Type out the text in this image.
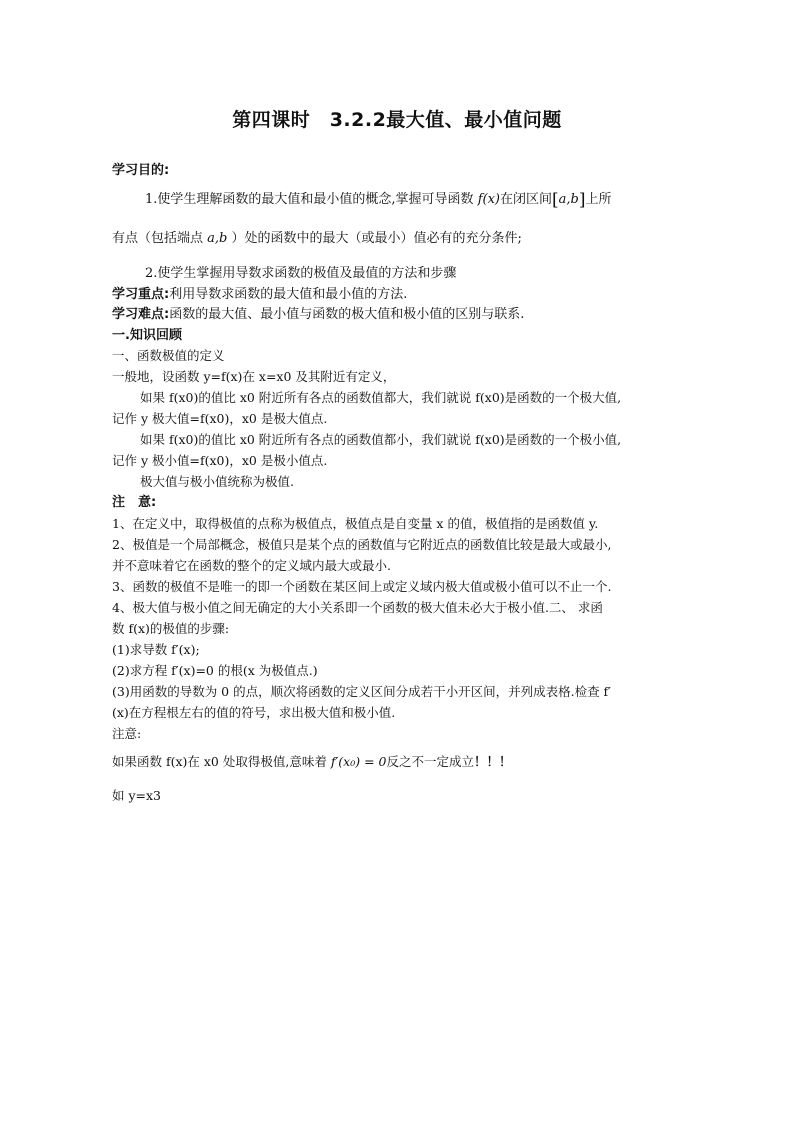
第四课时　3.2.2最大值、最小值问题
学习目的:
1.使学生理解函数的最大值和最小值的概念,掌握可导函数 f(x)在闭区间[a,b]上所
有点（包括端点 a,b ）处的函数中的最大（或最小）值必有的充分条件;
2.使学生掌握用导数求函数的极值及最值的方法和步骤
学习重点:利用导数求函数的最大值和最小值的方法.
学习难点:函数的最大值、最小值与函数的极大值和极小值的区别与联系.
一.知识回顾
一、函数极值的定义
一般地，设函数 y=f(x)在 x=x0 及其附近有定义，
如果 f(x0)的值比 x0 附近所有各点的函数值都大，我们就说 f(x0)是函数的一个极大值,
记作 y 极大值=f(x0)，x0 是极大值点.
如果 f(x0)的值比 x0 附近所有各点的函数值都小，我们就说 f(x0)是函数的一个极小值,
记作 y 极小值=f(x0)，x0 是极小值点.
极大值与极小值统称为极值.
注　意:
1、在定义中，取得极值的点称为极值点，极值点是自变量 x 的值，极值指的是函数值 y.
2、极值是一个局部概念，极值只是某个点的函数值与它附近点的函数值比较是最大或最小,
并不意味着它在函数的整个的定义域内最大或最小.
3、函数的极值不是唯一的即一个函数在某区间上或定义域内极大值或极小值可以不止一个.
4、极大值与极小值之间无确定的大小关系即一个函数的极大值未必大于极小值.二、 求函
数 f(x)的极值的步骤:
(1)求导数 f′(x);
(2)求方程 f′(x)=0 的根(x 为极值点.)
(3)用函数的导数为 0 的点，顺次将函数的定义区间分成若干小开区间，并列成表格.检查 f′
(x)在方程根左右的值的符号，求出极大值和极小值.
注意:
如果函数 f(x)在 x0 处取得极值,意味着 f′(x₀) = 0反之不一定成立！！！
如 y=x3
